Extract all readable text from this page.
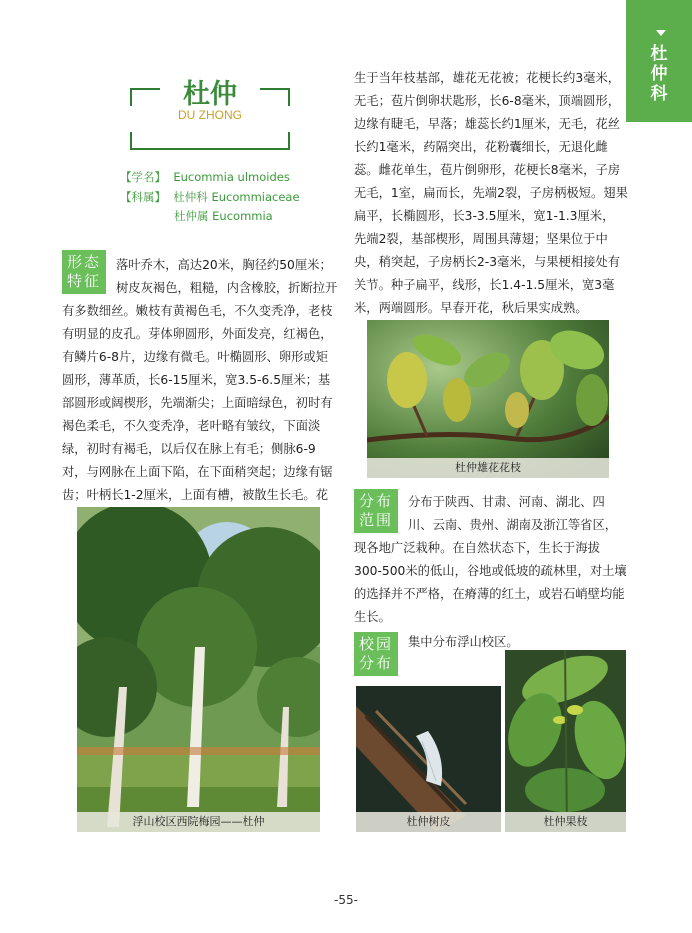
杜仲科
杜仲
DU ZHONG
【学名】 Eucommia ulmoides
【科属】 杜仲科 Eucommiaceae
杜仲属 Eucommia
形态特征
落叶乔木，高达20米，胸径约50厘米；
树皮灰褐色，粗糙，内含橡胶，折断拉开
有多数细丝。嫩枝有黄褐色毛，不久变秃净，老枝
有明显的皮孔。芽体卵圆形，外面发亮，红褐色，
有鳞片6-8片，边缘有微毛。叶椭圆形、卵形或矩
圆形，薄革质，长6-15厘米，宽3.5-6.5厘米；基
部圆形或阔楔形，先端渐尖；上面暗绿色，初时有
褐色柔毛，不久变秃净，老叶略有皱纹，下面淡
绿，初时有褐毛，以后仅在脉上有毛；侧脉6-9
对，与网脉在上面下陷，在下面稍突起；边缘有锯
齿；叶柄长1-2厘米，上面有槽，被散生长毛。花
生于当年枝基部，雄花无花被；花梗长约3毫米，
无毛；苞片倒卵状匙形，长6-8毫米，顶端圆形，
边缘有睫毛，早落；雄蕊长约1厘米，无毛，花丝
长约1毫米，药隔突出，花粉囊细长，无退化雌
蕊。雌花单生，苞片倒卵形，花梗长8毫米，子房
无毛，1室，扁而长，先端2裂，子房柄极短。翅果
扁平，长椭圆形，长3-3.5厘米，宽1-1.3厘米，
先端2裂，基部楔形，周围具薄翅；坚果位于中
央，稍突起，子房柄长2-3毫米，与果梗相接处有
关节。种子扁平，线形，长1.4-1.5厘米，宽3毫
米，两端圆形。早春开花，秋后果实成熟。
杜仲雄花花枝
浮山校区西院梅园——杜仲
分布范围
分布于陕西、甘肃、河南、湖北、四
川、云南、贵州、湖南及浙江等省区，
现各地广泛栽种。在自然状态下，生长于海拔
300-500米的低山，谷地或低坡的疏林里，对土壤
的选择并不严格，在瘠薄的红土，或岩石峭壁均能
生长。
校园分布
集中分布浮山校区。
杜仲树皮	杜仲果枝
-55-
